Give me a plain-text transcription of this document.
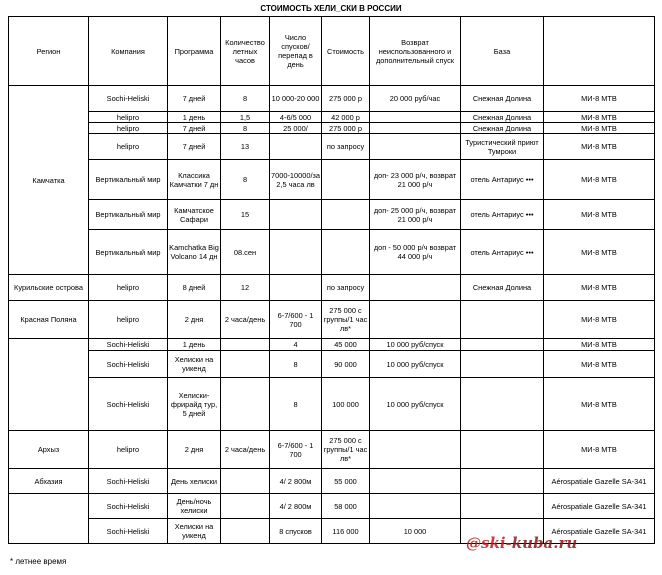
СТОИМОСТЬ ХЕЛИ_СКИ В РОССИИ
Регион	Компания	Программа	Количество летных часов	Число спусков/ перепад в день	Стоимость	Возврат неиспользованного и дополнительный спуск	База	
Камчатка	Sochi-Heliski	7 дней	8	10 000-20 000	275 000 р	20 000 руб/час	Снежная Долина	МИ-8 МТВ
	helipro	1 день	1,5	4-6/5 000	42 000 р		Снежная Долина	МИ-8 МТВ
	helipro	7 дней	8	25 000/	275 000 р		Снежная Долина	МИ-8 МТВ
	helipro	7 дней	13		по запросу		Туристический приют Тумроки	МИ-8 МТВ
	Вертикальный мир	Классика Камчатки 7 дн	8	7000-10000/за 2,5 часа лв		доп- 23 000 р/ч, возврат 21 000 р/ч	отель Антариус •••	МИ-8 МТВ
	Вертикальный мир	Камчатское Сафари	15			доп- 25 000 р/ч, возврат 21 000 р/ч	отель Антариус •••	МИ-8 МТВ
	Вертикальный мир	Kamchatka Big Volcano 14 дн	08.сен			доп - 50 000 р/ч возврат 44 000 р/ч	отель Антариус •••	МИ-8 МТВ
Курильские острова	helipro	8 дней	12		по запросу		Снежная Долина	МИ-8 МТВ
Красная Поляна	helipro	2 дня	2 часа/день	6-7/600 - 1 700	275 000 с группы/1 час лв*			МИ-8 МТВ
	Sochi-Heliski	1 день		4	45 000	10 000 руб/спуск		МИ-8 МТВ
	Sochi-Heliski	Хелиски на уикенд		8	90 000	10 000 руб/спуск		МИ-8 МТВ
	Sochi-Heliski	Хелиски-фрирайд тур, 5 дней		8	100 000	10 000 руб/спуск		МИ-8 МТВ
Архыз	helipro	2 дня	2 часа/день	6-7/600 - 1 700	275 000 с группы/1 час лв*			МИ-8 МТВ
Абхазия	Sochi-Heliski	День хелиски		4/ 2 800м	55 000			Aérospatiale Gazelle SA-341
	Sochi-Heliski	День/ночь хелиски		4/ 2 800м	58 000			Aérospatiale Gazelle SA-341
	Sochi-Heliski	Хелиски на уикенд		8 спусков	116 000	10 000		Aérospatiale Gazelle SA-341
@ski-kuba.ru
* летнее время
